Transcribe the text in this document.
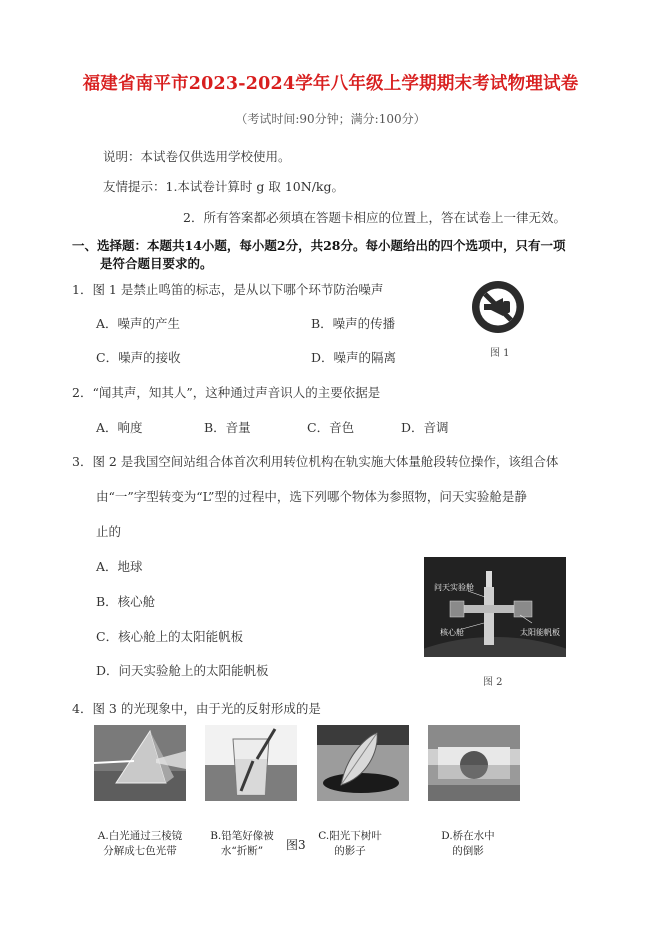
福建省南平市2023-2024学年八年级上学期期末考试物理试卷
（考试时间:90分钟；满分:100分）
说明：本试卷仅供选用学校使用。
友情提示：1.本试卷计算时 g 取 10N/kg。
2．所有答案都必须填在答题卡相应的位置上，答在试卷上一律无效。
一、选择题：本题共14小题，每小题2分，共28分。每小题给出的四个选项中，只有一项
是符合题目要求的。
1．图 1 是禁止鸣笛的标志，是从以下哪个环节防治噪声
A．噪声的产生	B．噪声的传播
C．噪声的接收	D．噪声的隔离	图 1
2．“闻其声，知其人”，这种通过声音识人的主要依据是
A．响度	B．音量	C．音色	D．音调
3．图 2 是我国空间站组合体首次利用转位机构在轨实施大体量舱段转位操作，该组合体
由“一”字型转变为“L”型的过程中，选下列哪个物体为参照物，问天实验舱是静
止的
A．地球
B．核心舱
C．核心舱上的太阳能帆板
D．问天实验舱上的太阳能帆板
问天实验舱
核心舱	太阳能帆板
图 2
4．图 3 的光现象中，由于光的反射形成的是
A.白光通过三棱镜
分解成七色光带
B.铅笔好像被
水“折断”	图3
C.阳光下树叶
的影子
D.桥在水中
的倒影
